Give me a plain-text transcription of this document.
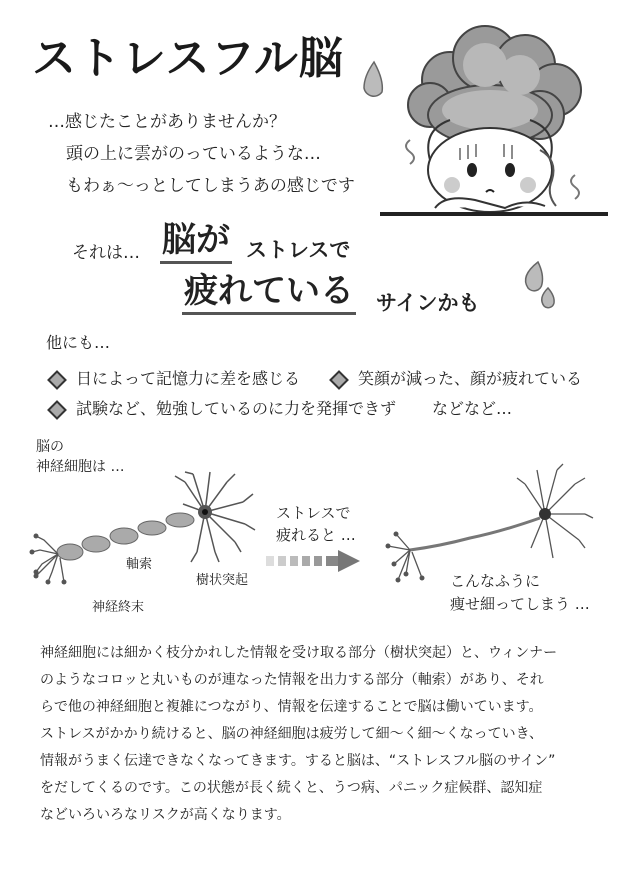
ストレスフル脳
…感じたことがありませんか？
頭の上に雲がのっているような…
もわぁ～っとしてしまうあの感じです
それは… 脳が ストレスで
疲れている サインかも
他にも…
日によって記憶力に差を感じる	笑顔が減った、顔が疲れている
試験など、勉強しているのに力を発揮できず などなど…
脳の
神経細胞は …
軸索
樹状突起
神経終末
ストレスで
疲れると …
こんなふうに
痩せ細ってしまう …

神経細胞には細かく枝分かれした情報を受け取る部分（樹状突起）と、ウィンナー

のようなコロッと丸いものが連なった情報を出力する部分（軸索）があり、それ

らで他の神経細胞と複雑につながり、情報を伝達することで脳は働いています。

ストレスがかかり続けると、脳の神経細胞は疲労して細～く細～くなっていき、

情報がうまく伝達できなくなってきます。すると脳は、“ストレスフル脳のサイン”

をだしてくるのです。この状態が長く続くと、うつ病、パニック症候群、認知症

などいろいろなリスクが高くなります。
